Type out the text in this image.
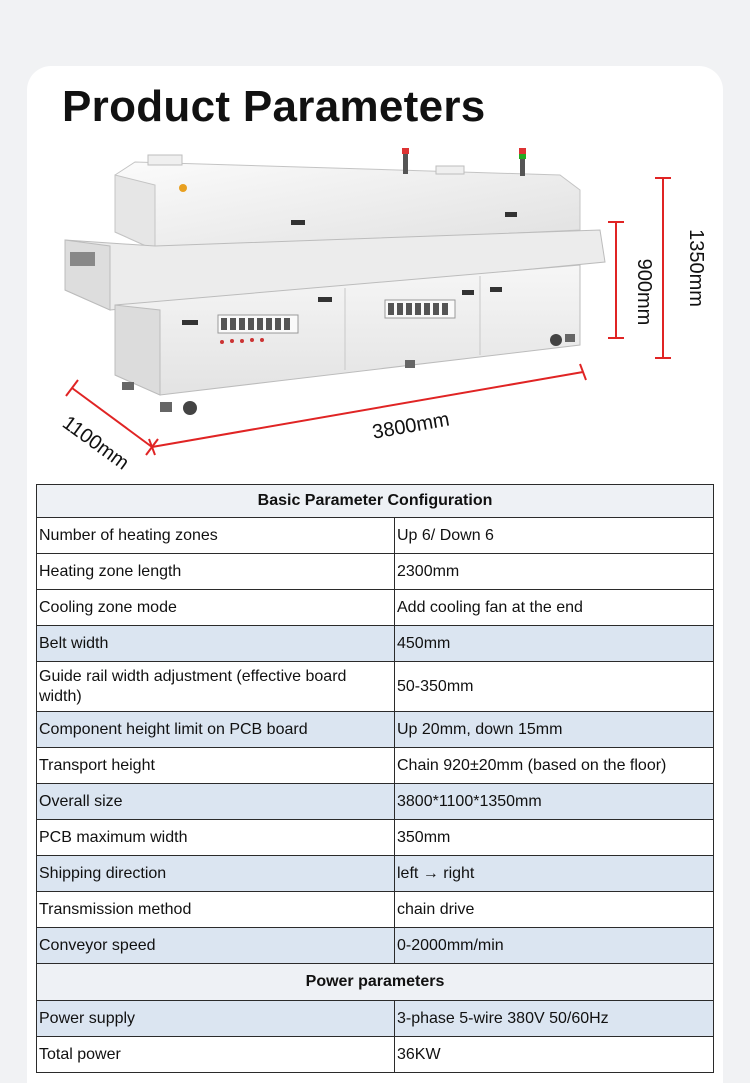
Product Parameters
1350mm
900mm
3800mm
1100mm
Basic Parameter Configuration	
Number of heating zones	Up 6/ Down 6
Heating zone length	2300mm
Cooling zone mode	Add cooling fan at the end
Belt width	450mm
Guide rail width adjustment (effective board width)	50-350mm
Component height limit on PCB board	Up 20mm, down 15mm
Transport height	Chain 920±20mm (based on the floor)
Overall size	3800*1100*1350mm
PCB maximum width	350mm
Shipping direction	left → right
Transmission method	chain drive
Conveyor speed	0-2000mm/min
Power parameters	
Power supply	3-phase 5-wire 380V 50/60Hz
Total power	36KW
